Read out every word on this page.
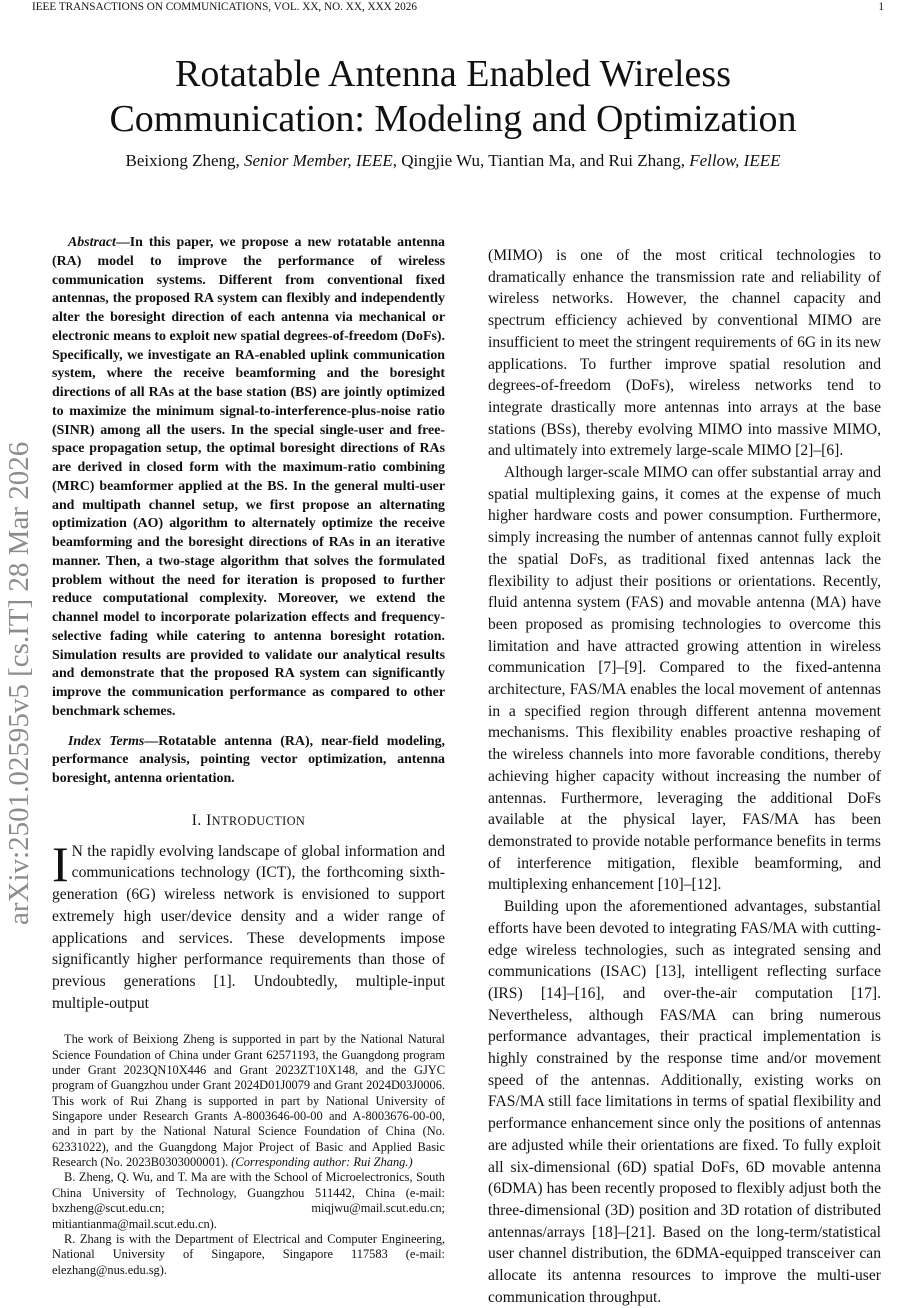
IEEE TRANSACTIONS ON COMMUNICATIONS, VOL. XX, NO. XX, XXX 2026	1
Rotatable Antenna Enabled Wireless
Communication: Modeling and Optimization
Beixiong Zheng, Senior Member, IEEE, Qingjie Wu, Tiantian Ma, and Rui Zhang, Fellow, IEEE
arXiv:2501.02595v5 [cs.IT] 28 Mar 2026

Abstract—In this paper, we propose a new rotatable antenna (RA) model to improve the performance of wireless communication systems. Different from conventional fixed antennas, the proposed RA system can flexibly and independently alter the boresight direction of each antenna via mechanical or electronic means to exploit new spatial degrees-of-freedom (DoFs). Specifically, we investigate an RA-enabled uplink communication system, where the receive beamforming and the boresight directions of all RAs at the base station (BS) are jointly optimized to maximize the minimum signal-to-interference-plus-noise ratio (SINR) among all the users. In the special single-user and free-space propagation setup, the optimal boresight directions of RAs are derived in closed form with the maximum-ratio combining (MRC) beamformer applied at the BS. In the general multi-user and multipath channel setup, we first propose an alternating optimization (AO) algorithm to alternately optimize the receive beamforming and the boresight directions of RAs in an iterative manner. Then, a two-stage algorithm that solves the formulated problem without the need for iteration is proposed to further reduce computational complexity. Moreover, we extend the channel model to incorporate polarization effects and frequency-selective fading while catering to antenna boresight rotation. Simulation results are provided to validate our analytical results and demonstrate that the proposed RA system can significantly improve the communication performance as compared to other benchmark schemes.

Index Terms—Rotatable antenna (RA), near-field modeling, performance analysis, pointing vector optimization, antenna boresight, antenna orientation.

I. INTRODUCTION

I N the rapidly evolving landscape of global information and communications technology (ICT), the forthcoming sixth-generation (6G) wireless network is envisioned to support extremely high user/device density and a wider range of applications and services. These developments impose significantly higher performance requirements than those of previous generations [1]. Undoubtedly, multiple-input multiple-output

The work of Beixiong Zheng is supported in part by the National Natural Science Foundation of China under Grant 62571193, the Guangdong program under Grant 2023QN10X446 and Grant 2023ZT10X148, and the GJYC program of Guangzhou under Grant 2024D01J0079 and Grant 2024D03J0006. This work of Rui Zhang is supported in part by National University of Singapore under Research Grants A-8003646-00-00 and A-8003676-00-00, and in part by the National Natural Science Foundation of China (No. 62331022), and the Guangdong Major Project of Basic and Applied Basic Research (No. 2023B0303000001). (Corresponding author: Rui Zhang.)

B. Zheng, Q. Wu, and T. Ma are with the School of Microelectronics, South China University of Technology, Guangzhou 511442, China (e-mail: bxzheng@scut.edu.cn; miqjwu@mail.scut.edu.cn; mitiantianma@mail.scut.edu.cn).

R. Zhang is with the Department of Electrical and Computer Engineering, National University of Singapore, Singapore 117583 (e-mail: elezhang@nus.edu.sg).

(MIMO) is one of the most critical technologies to dramatically enhance the transmission rate and reliability of wireless networks. However, the channel capacity and spectrum efficiency achieved by conventional MIMO are insufficient to meet the stringent requirements of 6G in its new applications. To further improve spatial resolution and degrees-of-freedom (DoFs), wireless networks tend to integrate drastically more antennas into arrays at the base stations (BSs), thereby evolving MIMO into massive MIMO, and ultimately into extremely large-scale MIMO [2]–[6].

Although larger-scale MIMO can offer substantial array and spatial multiplexing gains, it comes at the expense of much higher hardware costs and power consumption. Furthermore, simply increasing the number of antennas cannot fully exploit the spatial DoFs, as traditional fixed antennas lack the flexibility to adjust their positions or orientations. Recently, fluid antenna system (FAS) and movable antenna (MA) have been proposed as promising technologies to overcome this limitation and have attracted growing attention in wireless communication [7]–[9]. Compared to the fixed-antenna architecture, FAS/MA enables the local movement of antennas in a specified region through different antenna movement mechanisms. This flexibility enables proactive reshaping of the wireless channels into more favorable conditions, thereby achieving higher capacity without increasing the number of antennas. Furthermore, leveraging the additional DoFs available at the physical layer, FAS/MA has been demonstrated to provide notable performance benefits in terms of interference mitigation, flexible beamforming, and multiplexing enhancement [10]–[12].

Building upon the aforementioned advantages, substantial efforts have been devoted to integrating FAS/MA with cutting-edge wireless technologies, such as integrated sensing and communications (ISAC) [13], intelligent reflecting surface (IRS) [14]–[16], and over-the-air computation [17]. Nevertheless, although FAS/MA can bring numerous performance advantages, their practical implementation is highly constrained by the response time and/or movement speed of the antennas. Additionally, existing works on FAS/MA still face limitations in terms of spatial flexibility and performance enhancement since only the positions of antennas are adjusted while their orientations are fixed. To fully exploit all six-dimensional (6D) spatial DoFs, 6D movable antenna (6DMA) has been recently proposed to flexibly adjust both the three-dimensional (3D) position and 3D rotation of distributed antennas/arrays [18]–[21]. Based on the long-term/statistical user channel distribution, the 6DMA-equipped transceiver can allocate its antenna resources to improve the multi-user communication throughput.
